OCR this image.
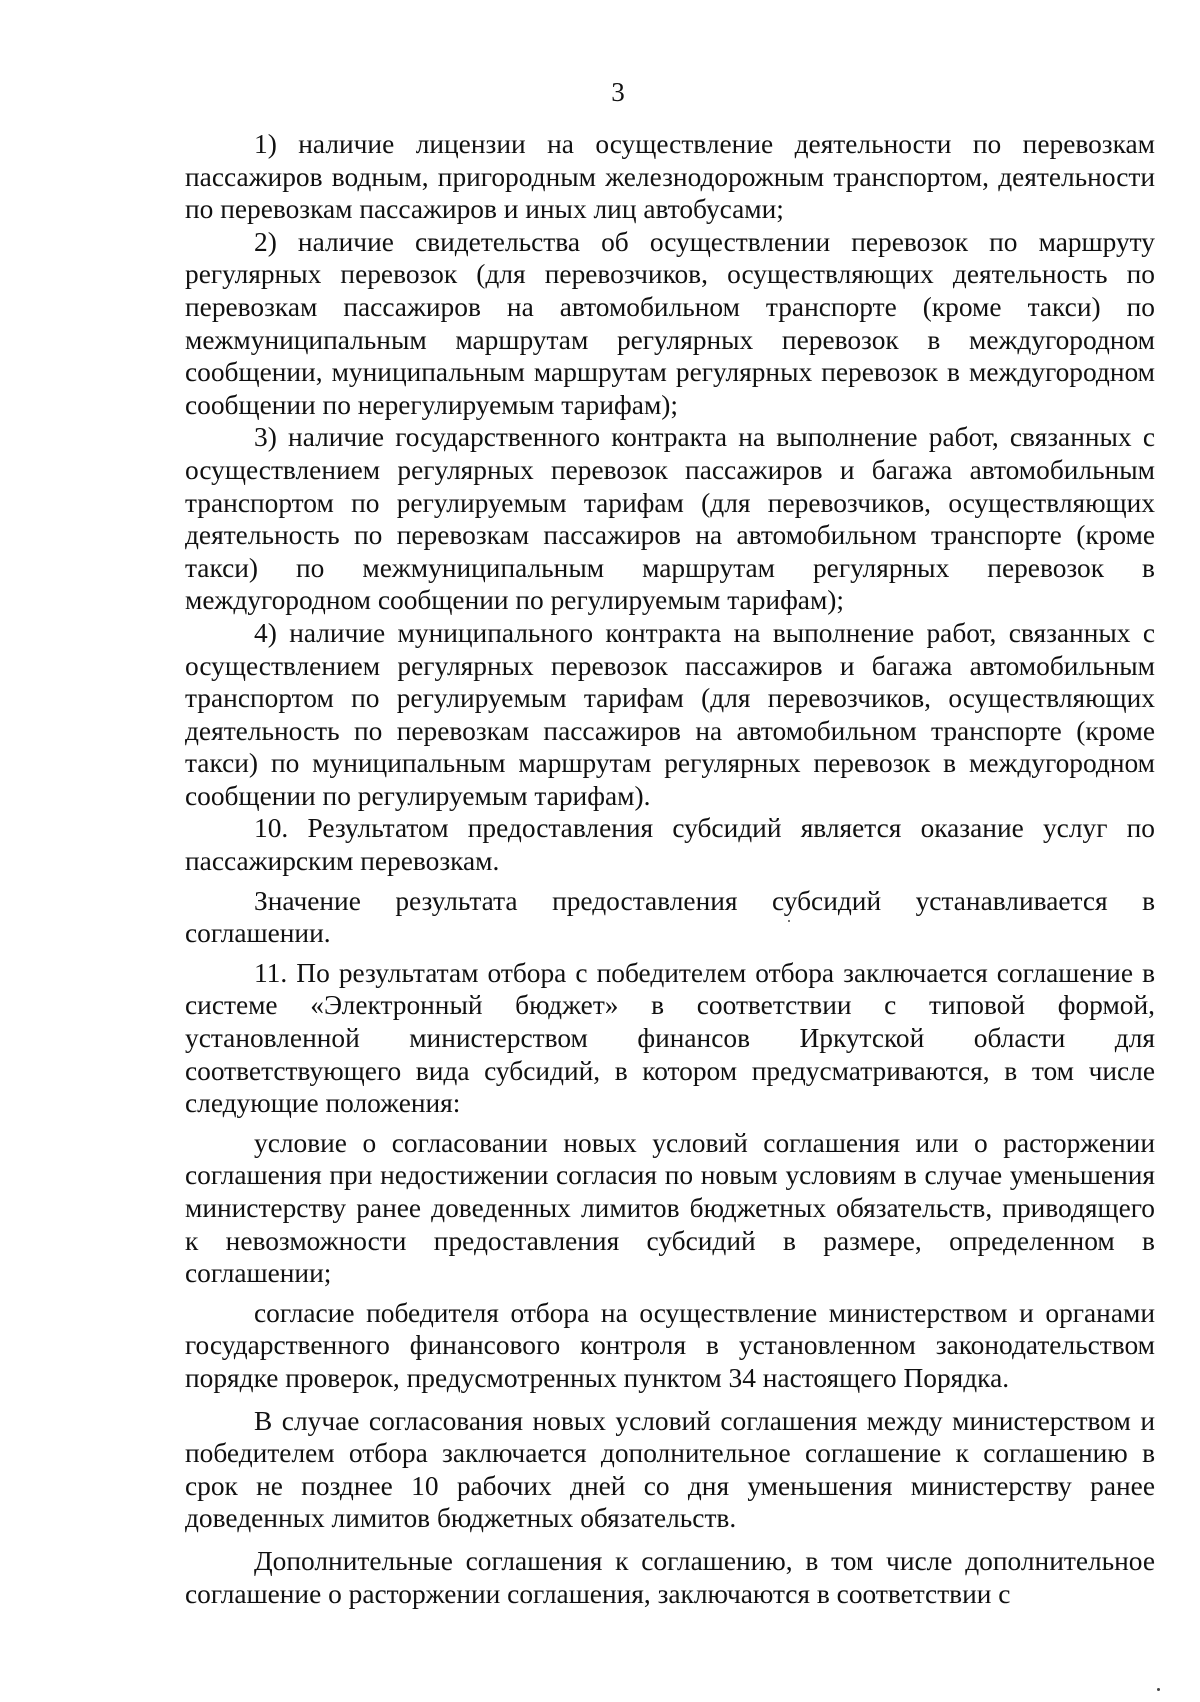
3

1) наличие лицензии на осуществление деятельности по перевозкам пассажиров водным, пригородным железнодорожным транспортом, деятельности по перевозкам пассажиров и иных лиц автобусами;

2) наличие свидетельства об осуществлении перевозок по маршруту регулярных перевозок (для перевозчиков, осуществляющих деятельность по перевозкам пассажиров на автомобильном транспорте (кроме такси) по межмуниципальным маршрутам регулярных перевозок в междугородном сообщении, муниципальным маршрутам регулярных перевозок в междугородном сообщении по нерегулируемым тарифам);

3) наличие государственного контракта на выполнение работ, связанных с осуществлением регулярных перевозок пассажиров и багажа автомобильным транспортом по регулируемым тарифам (для перевозчиков, осуществляющих деятельность по перевозкам пассажиров на автомобильном транспорте (кроме такси) по межмуниципальным маршрутам регулярных перевозок в междугородном сообщении по регулируемым тарифам);

4) наличие муниципального контракта на выполнение работ, связанных с осуществлением регулярных перевозок пассажиров и багажа автомобильным транспортом по регулируемым тарифам (для перевозчиков, осуществляющих деятельность по перевозкам пассажиров на автомобильном транспорте (кроме такси) по муниципальным маршрутам регулярных перевозок в междугородном сообщении по регулируемым тарифам).

10. Результатом предоставления субсидий является оказание услуг по пассажирским перевозкам.

Значение результата предоставления субсидий устанавливается в соглашении.

11. По результатам отбора с победителем отбора заключается соглашение в системе «Электронный бюджет» в соответствии с типовой формой, установленной министерством финансов Иркутской области для соответствующего вида субсидий, в котором предусматриваются, в том числе следующие положения:

условие о согласовании новых условий соглашения или о расторжении соглашения при недостижении согласия по новым условиям в случае уменьшения министерству ранее доведенных лимитов бюджетных обязательств, приводящего к невозможности предоставления субсидий в размере, определенном в соглашении;

согласие победителя отбора на осуществление министерством и органами государственного финансового контроля в установленном законодательством порядке проверок, предусмотренных пунктом 34 настоящего Порядка.

В случае согласования новых условий соглашения между министерством и победителем отбора заключается дополнительное соглашение к соглашению в срок не позднее 10 рабочих дней со дня уменьшения министерству ранее доведенных лимитов бюджетных обязательств.

Дополнительные соглашения к соглашению, в том числе дополнительное соглашение о расторжении соглашения, заключаются в соответствии с
